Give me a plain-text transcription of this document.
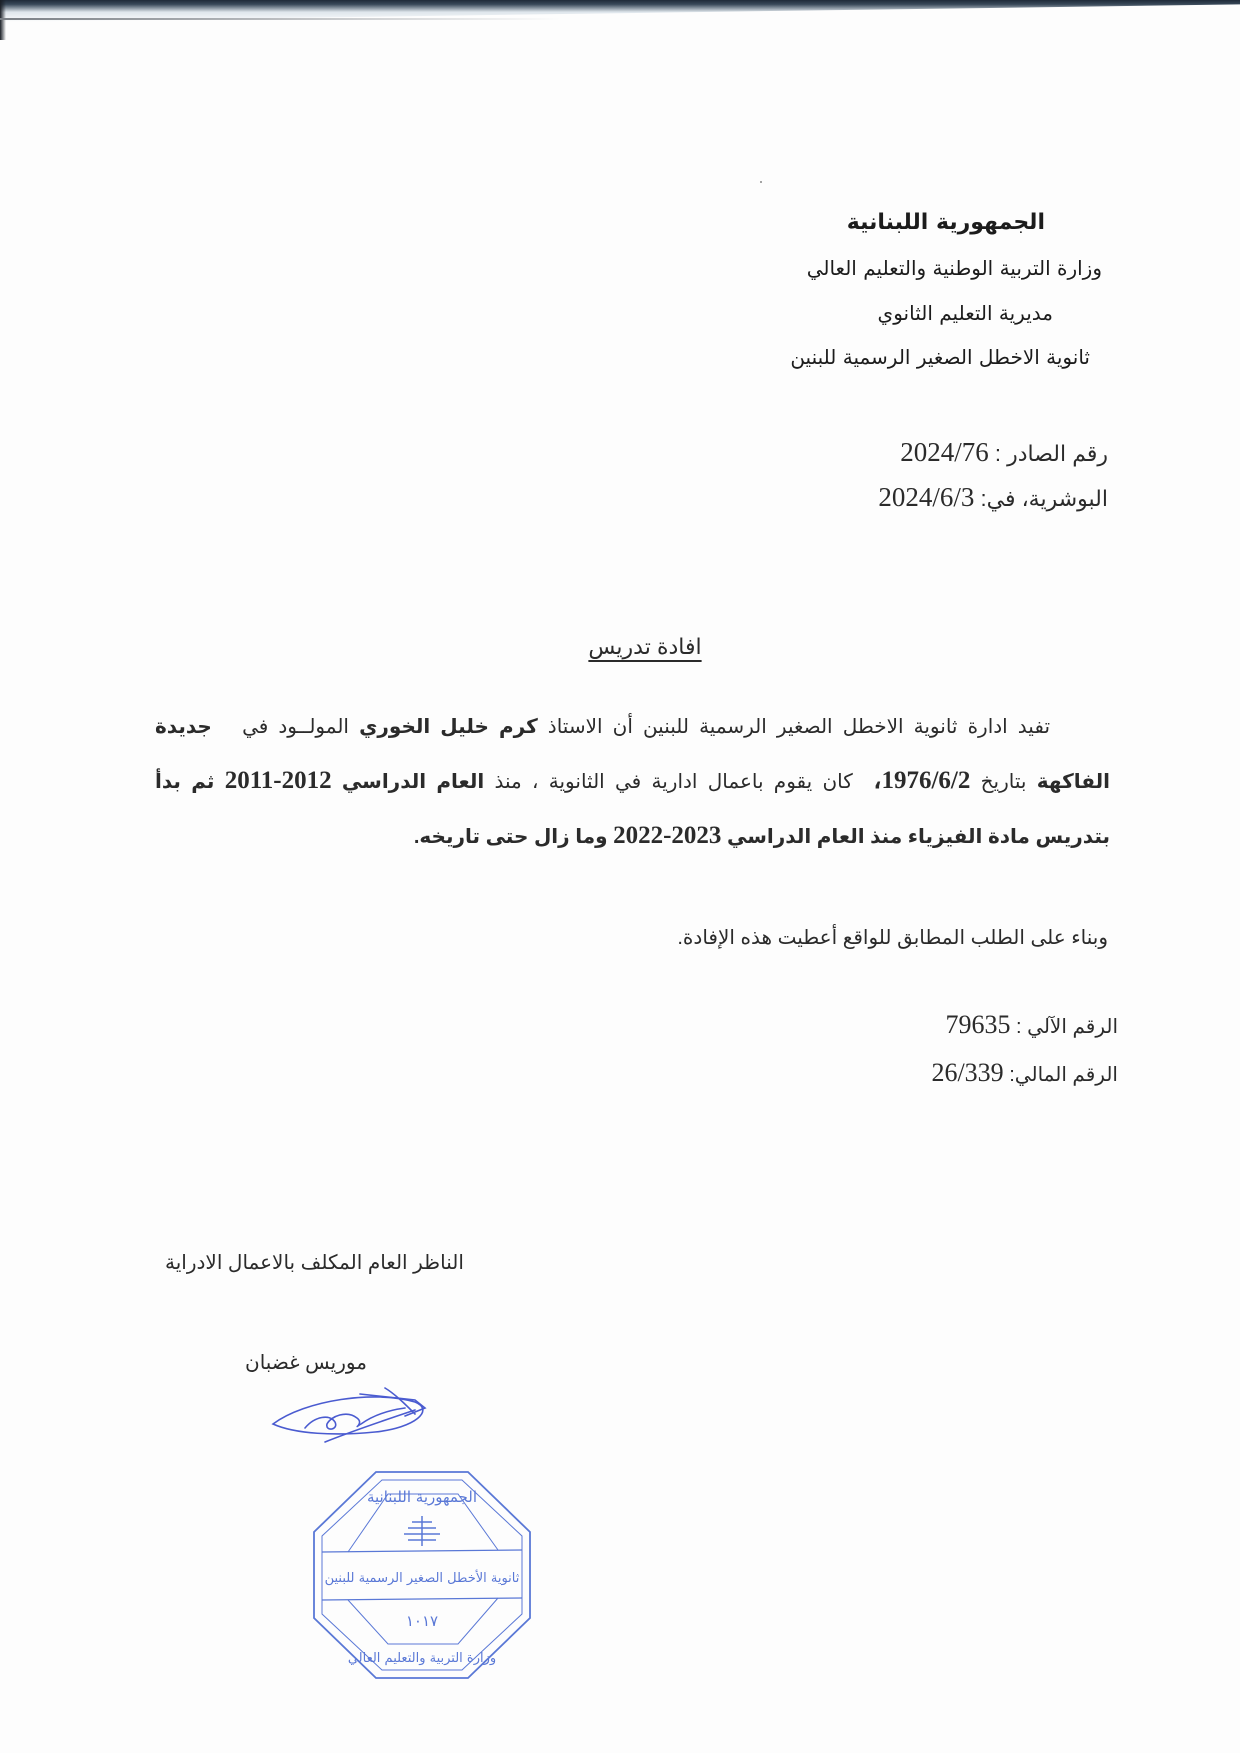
الجمهورية اللبنانية
وزارة التربية الوطنية والتعليم العالي
مديرية التعليم الثانوي
ثانوية الاخطل الصغير الرسمية للبنين
رقم الصادر : 2024/76
البوشرية، في: 2024/6/3
افادة تدريس
تفيد ادارة ثانوية الاخطل الصغير الرسمية للبنين أن الاستاذ كرم خليل الخوري المولــود في   جديدة الفاكهة بتاريخ 1976/6/2،  كان يقوم باعمال ادارية في الثانوية ، منذ العام الدراسي 2011-2012 ثم بدأ بتدريس مادة الفيزياء منذ العام الدراسي 2022-2023 وما زال حتى تاريخه.
وبناء على الطلب المطابق للواقع أعطيت هذه الإفادة.
الرقم الآلي : 79635
الرقم المالي: 26/339
الناظر العام المكلف بالاعمال الادراية
موريس غضبان
الجمهورية اللبنانية
ثانوية الأخطل الصغير الرسمية للبنين
١٠١٧
وزارة التربية والتعليم العالي
